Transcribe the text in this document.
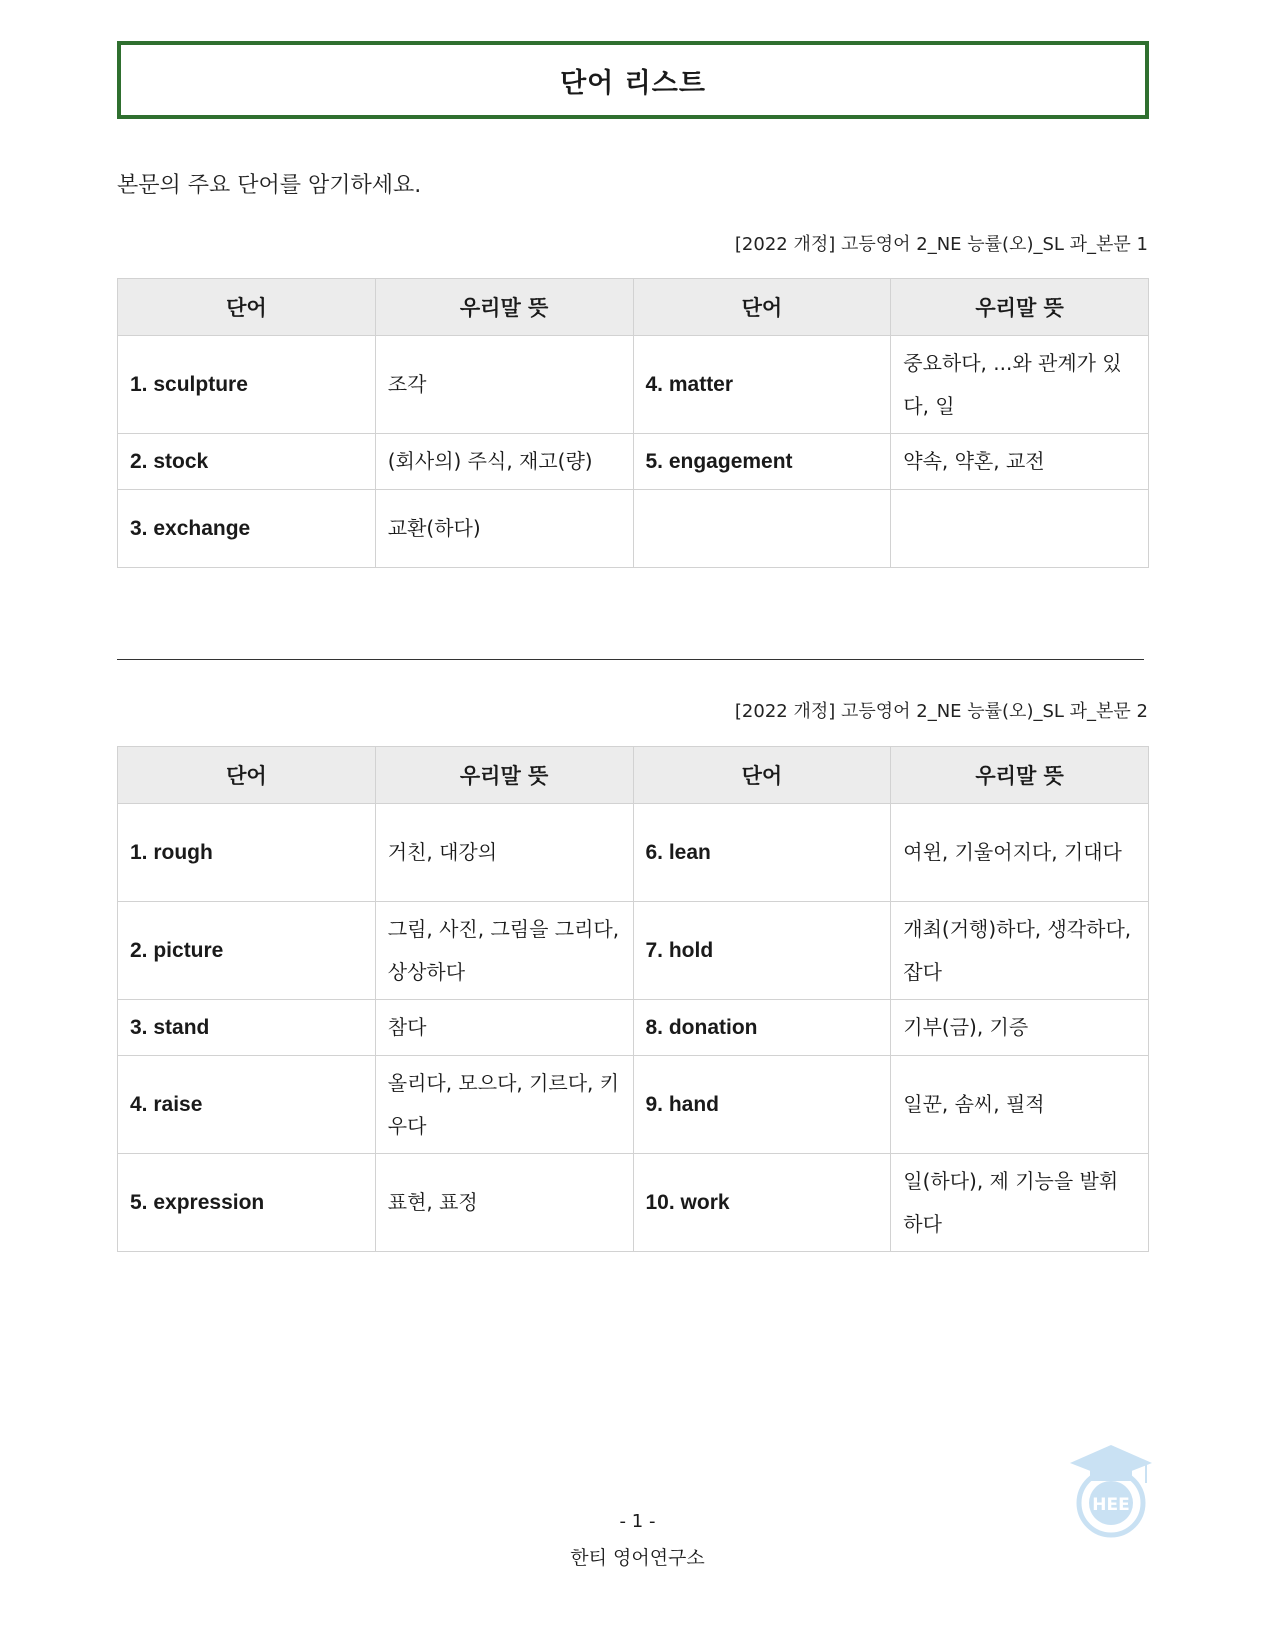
단어 리스트
본문의 주요 단어를 암기하세요.
[2022 개정] 고등영어 2_NE 능률(오)_SL 과_본문 1
단어	우리말 뜻	단어	우리말 뜻
1. sculpture	조각	4. matter	중요하다, ...와 관계가 있다, 일
2. stock	(회사의) 주식, 재고(량)	5. engagement	약속, 약혼, 교전
3. exchange	교환(하다)		
[2022 개정] 고등영어 2_NE 능률(오)_SL 과_본문 2
단어	우리말 뜻	단어	우리말 뜻
1. rough	거친, 대강의	6. lean	여윈, 기울어지다, 기대다
2. picture	그림, 사진, 그림을 그리다, 상상하다	7. hold	개최(거행)하다, 생각하다, 잡다
3. stand	참다	8. donation	기부(금), 기증
4. raise	올리다, 모으다, 기르다, 키우다	9. hand	일꾼, 솜씨, 필적
5. expression	표현, 표정	10. work	일(하다), 제 기능을 발휘하다
HEE
- 1 -
한티 영어연구소
